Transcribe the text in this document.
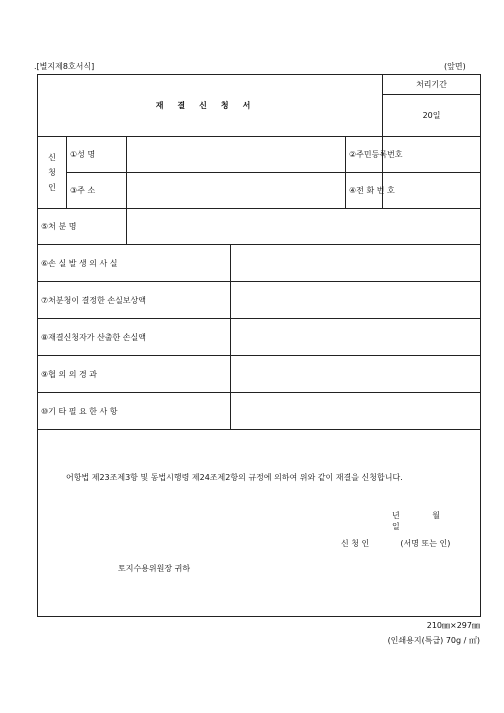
.[별지제8호서식]	(앞면)
재결신청서					처리기간
					20일

신청인	①성 명			②주민등록번호	
	③주 소			④전 화 번 호	
⑤처 분 명					
⑥손 실 발 생 의 사 실					
⑦처분청이 결정한 손실보상액					
⑧재결신청자가 산출한 손실액					
⑨협 의 의 경 과					
⑩기 타 필 요 한 사 항					

어항법 제23조제3항 및 동법시행령 제24조제2항의 규정에 의하여 위와 같이 재결을 신청합니다.
년 월 일
신 청 인 (서명 또는 인)
토지수용위원장 귀하					
210㎜×297㎜
(인쇄용지(특급) 70g / ㎡)
